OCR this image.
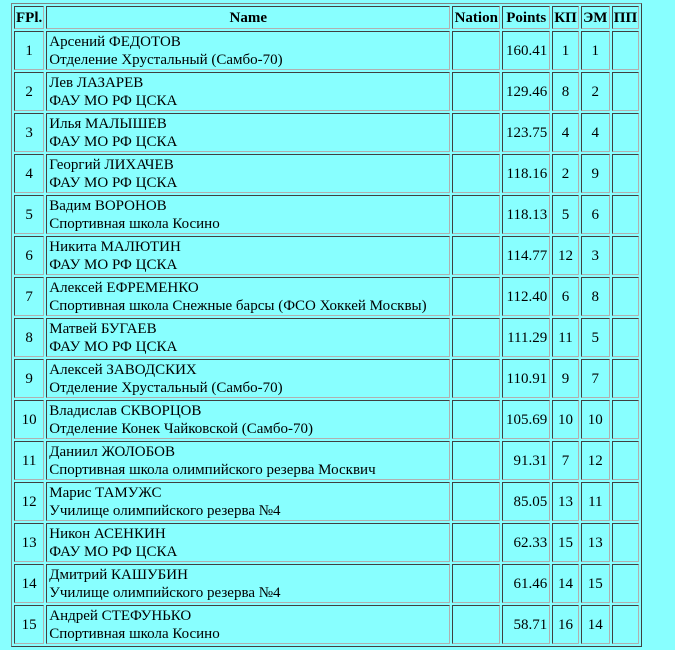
FPl.	Name	Nation	Points	КП	ЭМ	ПП
1	Арсений ФЕДОТОВ
Отделение Хрустальный (Самбо-70)		160.41	1	1	
2	Лев ЛАЗАРЕВ
ФАУ МО РФ ЦСКА		129.46	8	2	
3	Илья МАЛЫШЕВ
ФАУ МО РФ ЦСКА		123.75	4	4	
4	Георгий ЛИХАЧЕВ
ФАУ МО РФ ЦСКА		118.16	2	9	
5	Вадим ВОРОНОВ
Спортивная школа Косино		118.13	5	6	
6	Никита МАЛЮТИН
ФАУ МО РФ ЦСКА		114.77	12	3	
7	Алексей ЕФРЕМЕНКО
Спортивная школа Снежные барсы (ФСО Хоккей Москвы)		112.40	6	8	
8	Матвей БУГАЕВ
ФАУ МО РФ ЦСКА		111.29	11	5	
9	Алексей ЗАВОДСКИХ
Отделение Хрустальный (Самбо-70)		110.91	9	7	
10	Владислав СКВОРЦОВ
Отделение Конек Чайковской (Самбо-70)		105.69	10	10	
11	Даниил ЖОЛОБОВ
Спортивная школа олимпийского резерва Москвич		91.31	7	12	
12	Марис ТАМУЖС
Училище олимпийского резерва №4		85.05	13	11	
13	Никон АСЕНКИН
ФАУ МО РФ ЦСКА		62.33	15	13	
14	Дмитрий КАШУБИН
Училище олимпийского резерва №4		61.46	14	15	
15	Андрей СТЕФУНЬКО
Спортивная школа Косино		58.71	16	14	
